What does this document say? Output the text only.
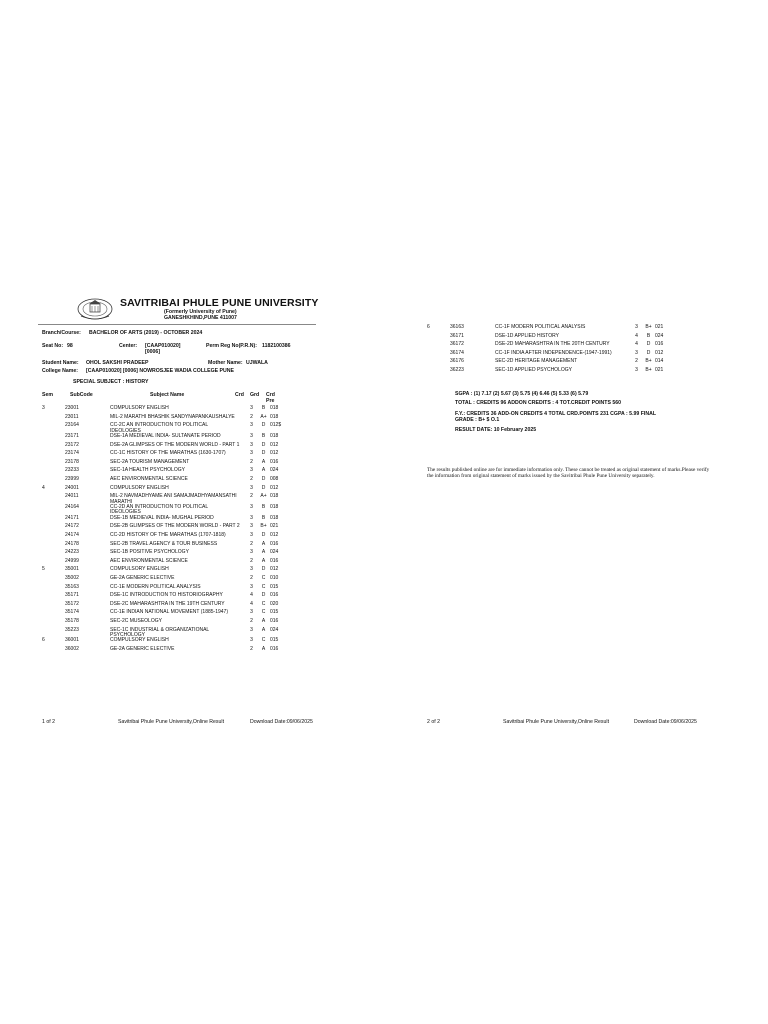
SAVITRIBAI PHULE PUNE UNIVERSITY
(Formerly University of Pune)
GANESHKHIND,PUNE 411007
Branch/Course: BACHELOR OF ARTS (2019) - OCTOBER 2024
Seat No: 98	Center: [CAAP010020]
[0006]
Perm Reg No(P.R.N): 1182100386
Student Name: OHOL SAKSHI PRADEEP	Mother Name: UJWALA
College Name: [CAAP010020] [0006] NOWROSJEE WADIA COLLEGE PUNE
SPECIAL SUBJECT : HISTORY
Sem	SubCode	Subject Name	Crd Grd Crd
Pre
3	23001	COMPULSORY ENGLISH	3	B	018
	23011	MIL-2 MARATHI BHASHIK SANDYNAPANKAUSHALYE	2	A+	018
	23164	CC-2C AN INTRODUCTION TO POLITICAL IDEOLOGIES	3	D	012$
	23171	DSE-1A MEDIEVAL INDIA- SULTANATE PERIOD	3	B	018
	23172	DSE-2A GLIMPSES OF THE MODERN WORLD - PART 1	3	D	012
	23174	CC-1C HISTORY OF THE MARATHAS (1630-1707)	3	D	012
	23178	SEC-2A TOURISM MANAGEMENT	2	A	016
	23233	SEC-1A HEALTH PSYCHOLOGY	3	A	024
	23999	AEC ENVIRONMENTAL SCIENCE	2	D	008
4	24001	COMPULSORY ENGLISH	3	D	012
	24011	MIL-2 NAVMADHYAME ANI SAMAJMADHYAMANSATHI MARATHI	2	A+	018
	24164	CC-2D AN INTRODUCTION TO POLITICAL IDEOLOGIES	3	B	018
	24171	DSE-1B MEDIEVAL INDIA- MUGHAL PERIOD	3	B	018
	24172	DSE-2B GLIMPSES OF THE MODERN WORLD - PART 2	3	B+	021
	24174	CC-2D HISTORY OF THE MARATHAS (1707-1818)	3	D	012
	24178	SEC-2B TRAVEL AGENCY & TOUR BUSINESS	2	A	016
	24223	SEC-1B POSITIVE PSYCHOLOGY	3	A	024
	24999	AEC ENVIRONMENTAL SCIENCE	2	A	016
5	35001	COMPULSORY ENGLISH	3	D	012
	35002	GE-2A GENERIC ELECTIVE	2	C	010
	35163	CC-1E MODERN POLITICAL ANALYSIS	3	C	015
	35171	DSE-1C INTRODUCTION TO HISTORIOGRAPHY	4	D	016
	35172	DSE-2C MAHARASHTRA IN THE 19TH CENTURY	4	C	020
	35174	CC-1E INDIAN NATIONAL MOVEMENT (1885-1947)	3	C	015
	35178	SEC-2C MUSEOLOGY	2	A	016
	35223	SEC-1C INDUSTRIAL & ORGANIZATIONAL PSYCHOLOGY	3	A	024
6	36001	COMPULSORY ENGLISH	3	C	015
	36002	GE-2A GENERIC ELECTIVE	2	A	016
1 of 2	Savitribai Phule Pune University,Online Result	Download Date:09/06/2025
6	36163	CC-1F MODERN POLITICAL ANALYSIS	3	B+	021
	36171	DSE-1D APPLIED HISTORY	4	B	024
	36172	DSE-2D MAHARASHTRA IN THE 20TH CENTURY	4	D	016
	36174	CC-1F INDIA AFTER INDEPENDENCE-(1947-1991)	3	D	012
	36176	SEC-2D HERITAGE MANAGEMENT	2	B+	014
	36223	SEC-1D APPLIED PSYCHOLOGY	3	B+	021
2 of 2	Savitribai Phule Pune University,Online Result	Download Date:09/06/2025
SGPA : (1) 7.17 (2) 5.67 (3) 5.75 (4) 6.46 (5) 5.33 (6) 5.79
TOTAL : CREDITS 96 ADDON CREDITS : 4 TOT.CREDIT POINTS 560
F.Y.: CREDITS 36 ADD-ON CREDITS 4 TOTAL CRD.POINTS 231 CGPA : 5.99 FINAL
GRADE : B+ $ O.1
RESULT DATE: 10 February 2025
The results published online are for immediate information only. These cannot be treated as original statement of marks.Please verify the information from original statement of marks issued by the Savitribai Phule Pune University separately.
